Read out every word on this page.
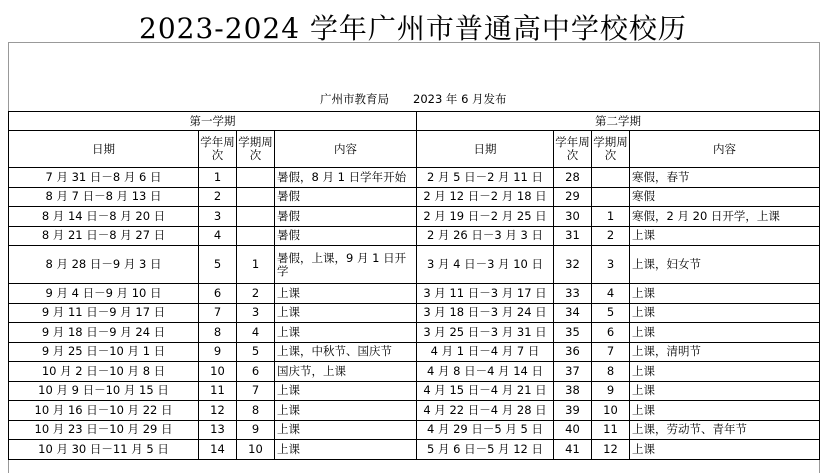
2023-2024 学年广州市普通高中学校校历
广州市教育局 2023 年 6 月发布
第一学期				第二学期			
日期	学年周次	学期周次	内容	日期	学年周次	学期周次	内容
7 月 31 日－8 月 6 日	1		暑假，8 月 1 日学年开始	2 月 5 日－2 月 11 日	28		寒假，春节
8 月 7 日－8 月 13 日	2		暑假	2 月 12 日－2 月 18 日	29		寒假
8 月 14 日－8 月 20 日	3		暑假	2 月 19 日－2 月 25 日	30	1	寒假，2 月 20 日开学，上课
8 月 21 日－8 月 27 日	4		暑假	2 月 26 日－3 月 3 日	31	2	上课
8 月 28 日－9 月 3 日	5	1	暑假，上课，9 月 1 日开学	3 月 4 日－3 月 10 日	32	3	上课，妇女节
9 月 4 日－9 月 10 日	6	2	上课	3 月 11 日－3 月 17 日	33	4	上课
9 月 11 日－9 月 17 日	7	3	上课	3 月 18 日－3 月 24 日	34	5	上课
9 月 18 日－9 月 24 日	8	4	上课	3 月 25 日－3 月 31 日	35	6	上课
9 月 25 日－10 月 1 日	9	5	上课，中秋节、国庆节	4 月 1 日－4 月 7 日	36	7	上课，清明节
10 月 2 日－10 月 8 日	10	6	国庆节，上课	4 月 8 日－4 月 14 日	37	8	上课
10 月 9 日－10 月 15 日	11	7	上课	4 月 15 日－4 月 21 日	38	9	上课
10 月 16 日－10 月 22 日	12	8	上课	4 月 22 日－4 月 28 日	39	10	上课
10 月 23 日－10 月 29 日	13	9	上课	4 月 29 日－5 月 5 日	40	11	上课，劳动节、青年节
10 月 30 日－11 月 5 日	14	10	上课	5 月 6 日－5 月 12 日	41	12	上课
